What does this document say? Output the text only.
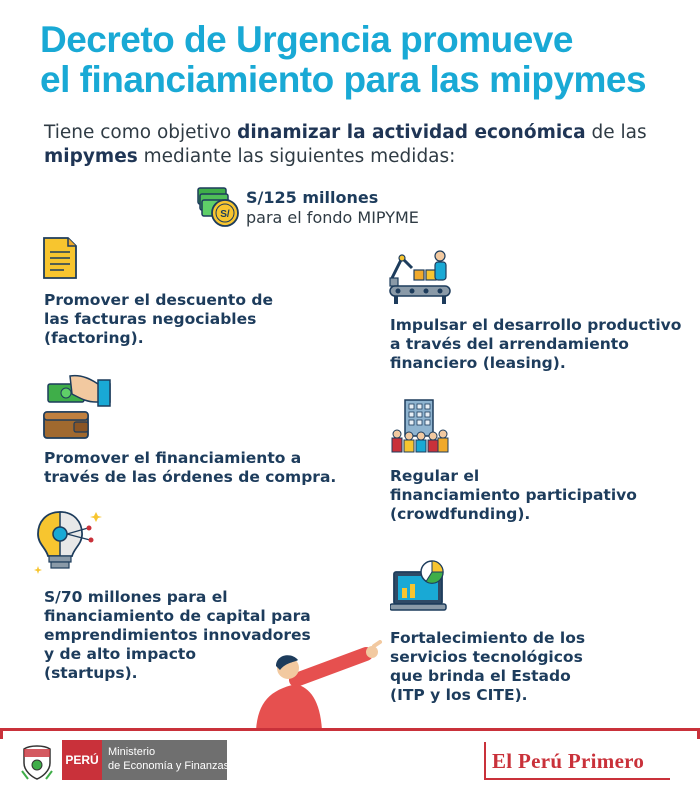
Decreto de Urgencia promueve
el financiamiento para las mipymes
Tiene como objetivo dinamizar la actividad económica de las
mipymes mediante las siguientes medidas:
S/
S/125 millones
para el fondo MIPYME
Promover el descuento de
las facturas negociables
(factoring).
Impulsar el desarrollo productivo
a través del arrendamiento
financiero (leasing).
Promover el financiamiento a
través de las órdenes de compra.	Regular el
financiamiento participativo
(crowdfunding).
S/70 millones para el
financiamiento de capital para
emprendimientos innovadores
y de alto impacto
(startups).
Fortalecimiento de los
servicios tecnológicos
que brinda el Estado
(ITP y los CITE).
PERÚ
Ministerio
de Economía y Finanzas	El Perú Primero
